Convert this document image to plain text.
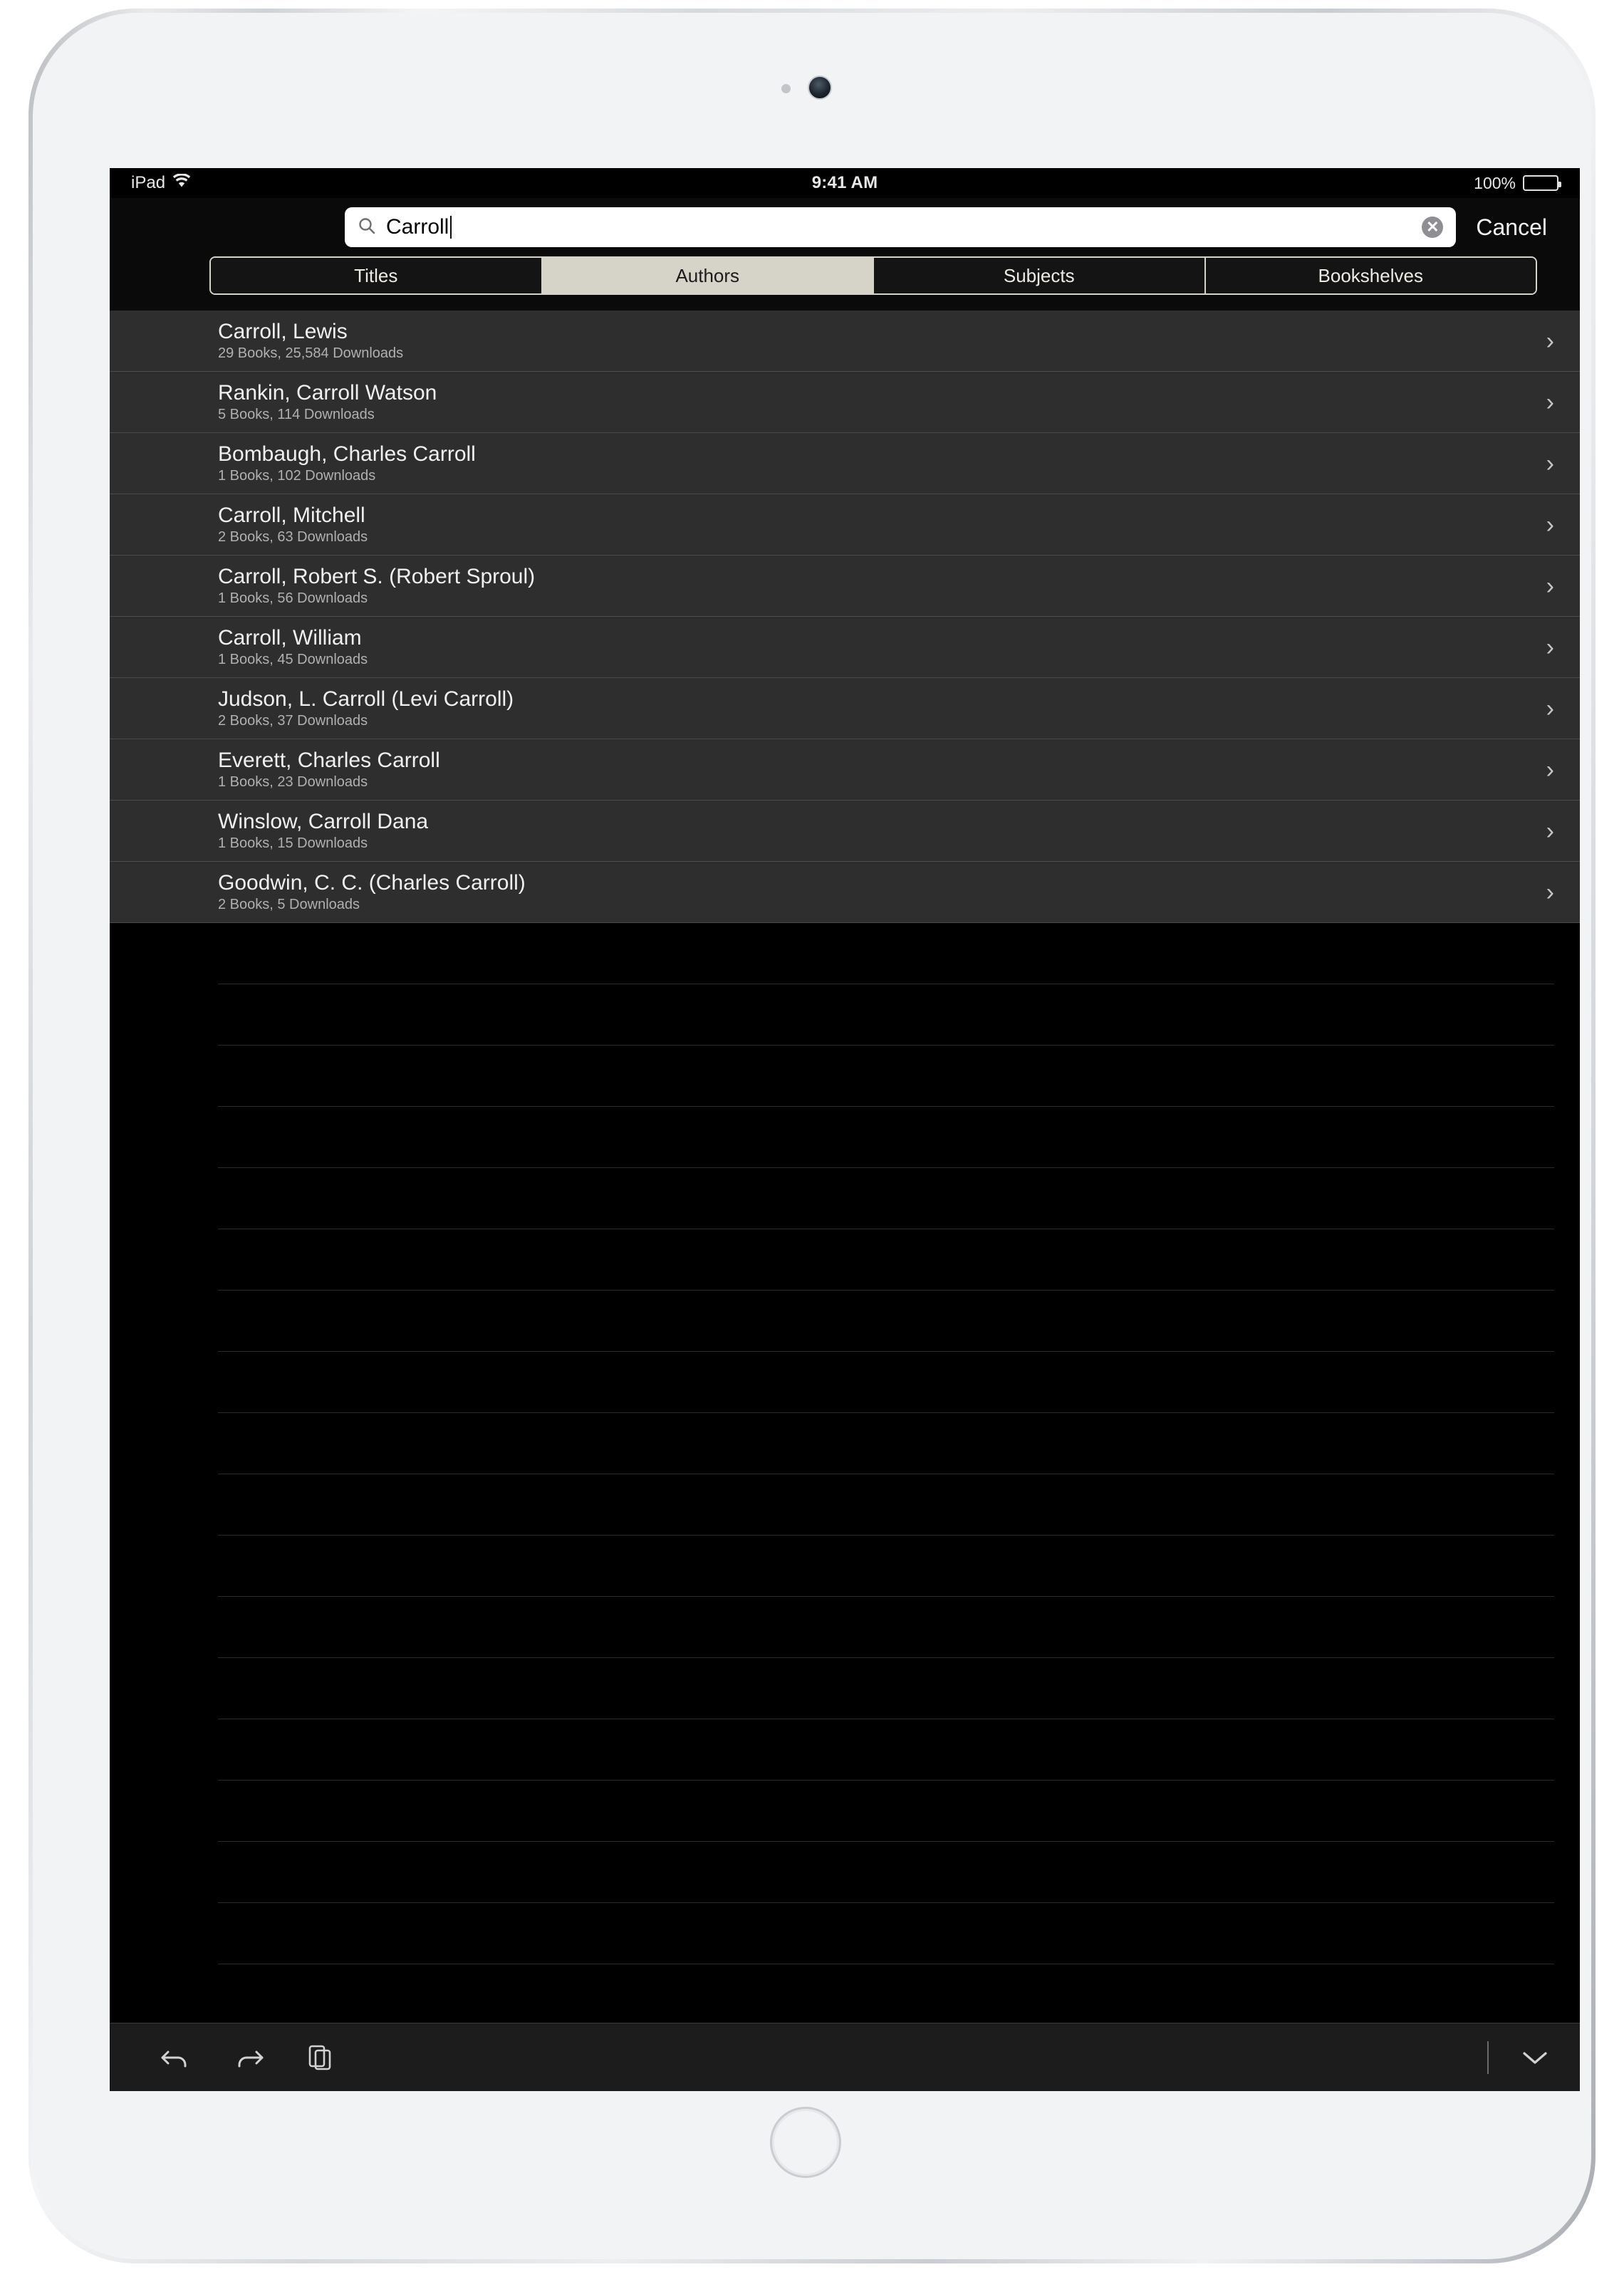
iPad	9:41 AM	100%
Carroll	✕ Cancel
Titles	Authors	Subjects	Bookshelves
Carroll, Lewis
29 Books, 25,584 Downloads	›
Rankin, Carroll Watson
5 Books, 114 Downloads	›
Bombaugh, Charles Carroll
1 Books, 102 Downloads	›
Carroll, Mitchell
2 Books, 63 Downloads	›
Carroll, Robert S. (Robert Sproul)
1 Books, 56 Downloads	›
Carroll, William
1 Books, 45 Downloads	›
Judson, L. Carroll (Levi Carroll)
2 Books, 37 Downloads	›
Everett, Charles Carroll
1 Books, 23 Downloads	›
Winslow, Carroll Dana
1 Books, 15 Downloads	›
Goodwin, C. C. (Charles Carroll)
2 Books, 5 Downloads	›
